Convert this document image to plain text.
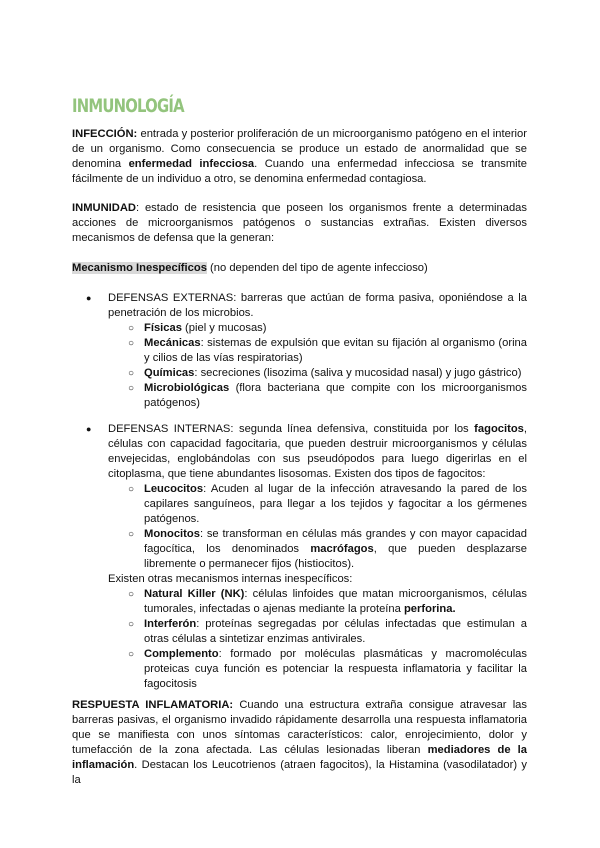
INMUNOLOGÍA

INFECCIÓN: entrada y posterior proliferación de un microorganismo patógeno en el interior de un organismo. Como consecuencia se produce un estado de anormalidad que se denomina enfermedad infecciosa. Cuando una enfermedad infecciosa se transmite fácilmente de un individuo a otro, se denomina enfermedad contagiosa.

INMUNIDAD: estado de resistencia que poseen los organismos frente a determinadas acciones de microorganismos patógenos o sustancias extrañas. Existen diversos mecanismos de defensa que la generan:

Mecanismo Inespecíficos (no dependen del tipo de agente infeccioso)

● DEFENSAS EXTERNAS: barreras que actúan de forma pasiva, oponiéndose a la penetración de los microbios.
○ Físicas (piel y mucosas)
○ Mecánicas: sistemas de expulsión que evitan su fijación al organismo (orina y cilios de las vías respiratorias)
○ Químicas: secreciones (lisozima (saliva y mucosidad nasal) y jugo gástrico)
○ Microbiológicas (flora bacteriana que compite con los microorganismos patógenos)
● DEFENSAS INTERNAS: segunda línea defensiva, constituida por los fagocitos, células con capacidad fagocitaria, que pueden destruir microorganismos y células envejecidas, englobándolas con sus pseudópodos para luego digerirlas en el citoplasma, que tiene abundantes lisosomas. Existen dos tipos de fagocitos:
○ Leucocitos: Acuden al lugar de la infección atravesando la pared de los capilares sanguíneos, para llegar a los tejidos y fagocitar a los gérmenes patógenos.
○ Monocitos: se transforman en células más grandes y con mayor capacidad fagocítica, los denominados macrófagos, que pueden desplazarse libremente o permanecer fijos (histiocitos).
Existen otras mecanismos internas inespecíficos:
○ Natural Killer (NK): células linfoides que matan microorganismos, células tumorales, infectadas o ajenas mediante la proteína perforina.
○ Interferón: proteínas segregadas por células infectadas que estimulan a otras células a sintetizar enzimas antivirales.
○ Complemento: formado por moléculas plasmáticas y macromoléculas proteicas cuya función es potenciar la respuesta inflamatoria y facilitar la fagocitosis

RESPUESTA INFLAMATORIA: Cuando una estructura extraña consigue atravesar las barreras pasivas, el organismo invadido rápidamente desarrolla una respuesta inflamatoria que se manifiesta con unos síntomas característicos: calor, enrojecimiento, dolor y tumefacción de la zona afectada. Las células lesionadas liberan mediadores de la inflamación. Destacan los Leucotrienos (atraen fagocitos), la Histamina (vasodilatador) y la
